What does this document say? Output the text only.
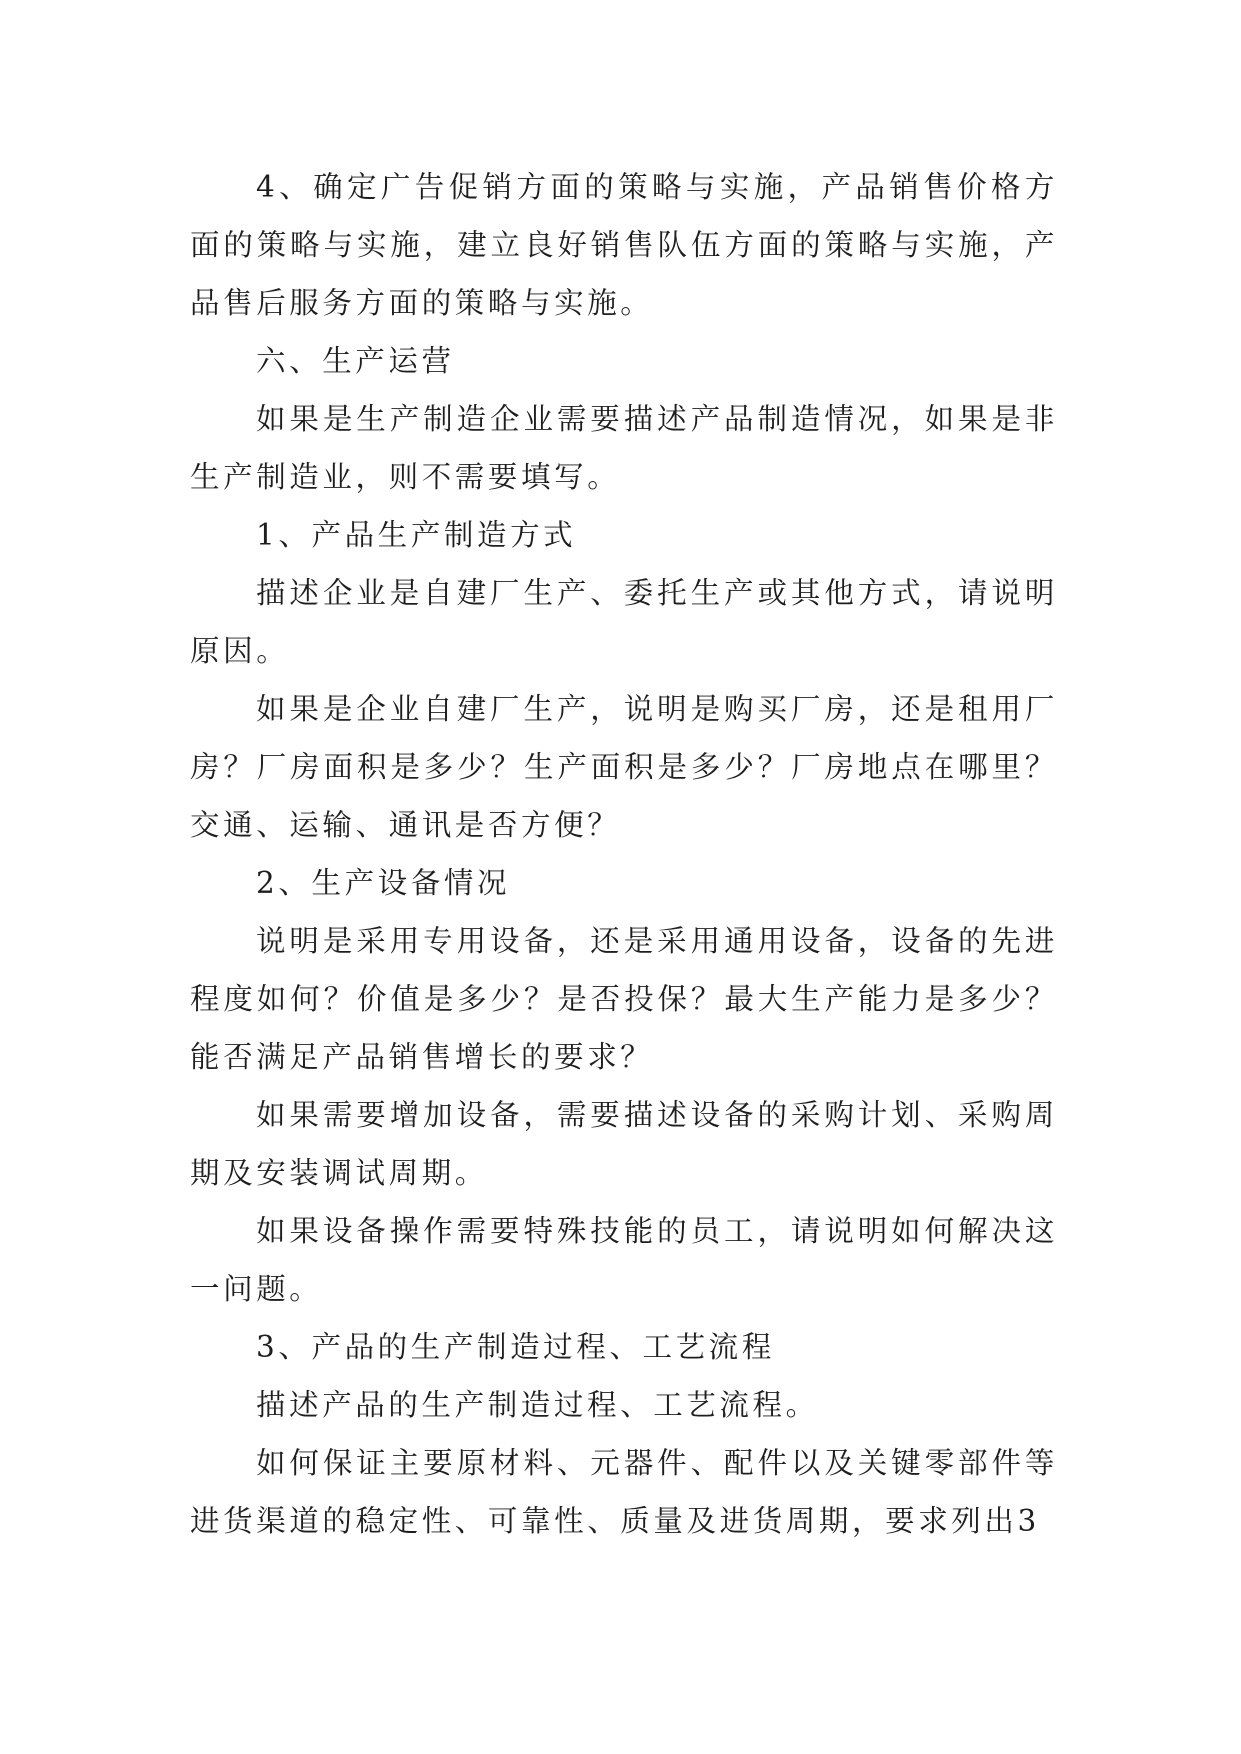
4、确定广告促销方面的策略与实施，产品销售价格方面的策略与实施，建立良好销售队伍方面的策略与实施，产品售后服务方面的策略与实施。

六、生产运营

如果是生产制造企业需要描述产品制造情况，如果是非生产制造业，则不需要填写。

1、产品生产制造方式

描述企业是自建厂生产、委托生产或其他方式，请说明原因。

如果是企业自建厂生产，说明是购买厂房，还是租用厂房？厂房面积是多少？生产面积是多少？厂房地点在哪里？交通、运输、通讯是否方便？

2、生产设备情况

说明是采用专用设备，还是采用通用设备，设备的先进程度如何？价值是多少？是否投保？最大生产能力是多少？能否满足产品销售增长的要求？

如果需要增加设备，需要描述设备的采购计划、采购周期及安装调试周期。

如果设备操作需要特殊技能的员工，请说明如何解决这一问题。

3、产品的生产制造过程、工艺流程

描述产品的生产制造过程、工艺流程。

如何保证主要原材料、元器件、配件以及关键零部件等进货渠道的稳定性、可靠性、质量及进货周期，要求列出3
